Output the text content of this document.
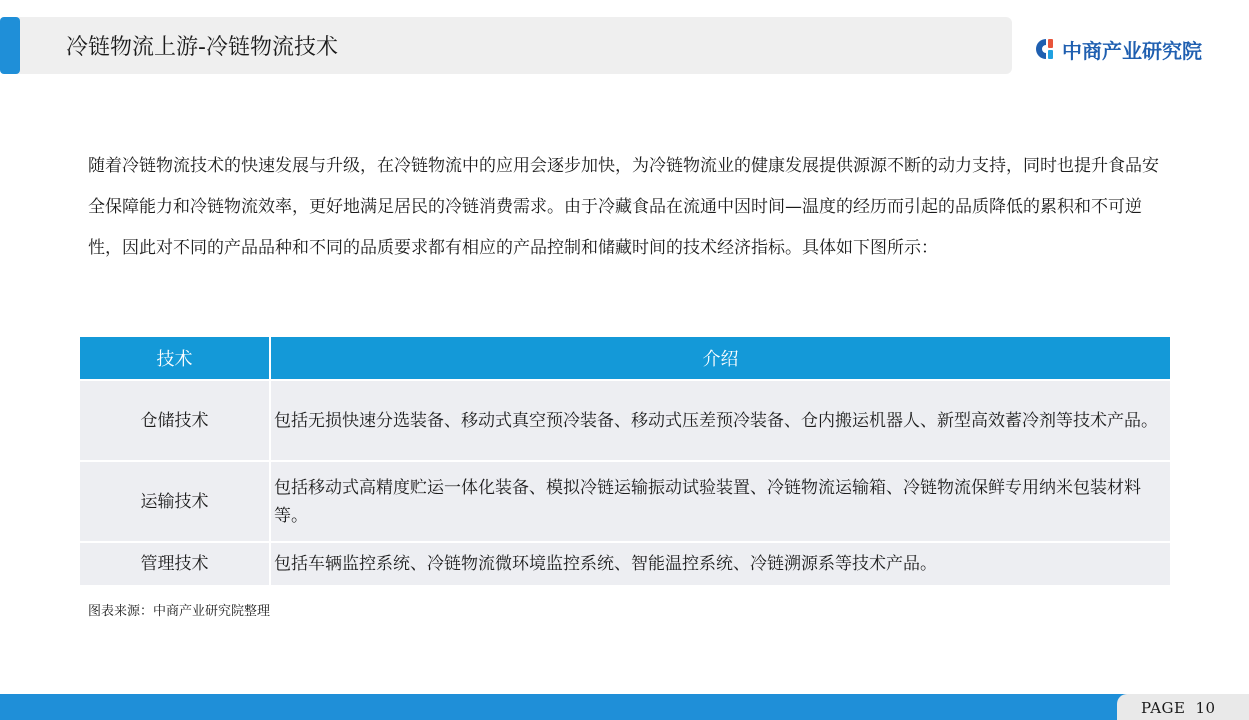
冷链物流上游-冷链物流技术	中商产业研究院

随着冷链物流技术的快速发展与升级，在冷链物流中的应用会逐步加快，为冷链物流业的健康发展提供源源不断的动力支持，同时也提升食品安全保障能力和冷链物流效率，更好地满足居民的冷链消费需求。由于冷藏食品在流通中因时间—温度的经历而引起的品质降低的累积和不可逆性，因此对不同的产品品种和不同的品质要求都有相应的产品控制和储藏时间的技术经济指标。具体如下图所示：

技术	介绍
仓储技术	包括无损快速分选装备、移动式真空预冷装备、移动式压差预冷装备、仓内搬运机器人、新型高效蓄冷剂等技术产品。
运输技术	包括移动式高精度贮运一体化装备、模拟冷链运输振动试验装置、冷链物流运输箱、冷链物流保鲜专用纳米包装材料等。
管理技术	包括车辆监控系统、冷链物流微环境监控系统、智能温控系统、冷链溯源系等技术产品。
图表来源：中商产业研究院整理
PAGE 10
